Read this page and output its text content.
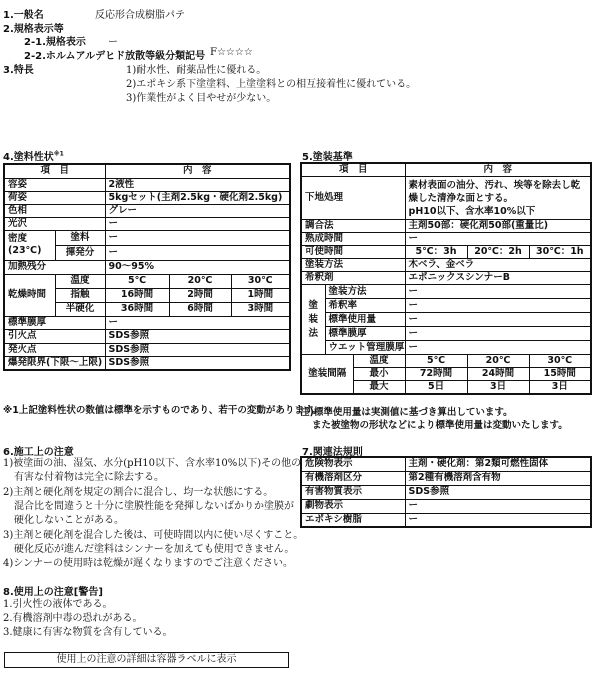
1.一般名	反応形合成樹脂パテ
2.規格表示等
2-1.規格表示 ー
2-2.ホルムアルデヒド放散等級分類記号 F☆☆☆☆
3.特長	1)耐水性、耐薬品性に優れる。
2)エポキシ系下塗塗料、上塗塗料との相互接着性に優れている。
3)作業性がよく目やせが少ない。
4.塗料性状$^{※1}$
項　目		内　容		
容姿		2液性		
荷姿		5kgセット(主剤2.5kg・硬化剤2.5kg)		
色相		グレー		
光沢		ー		

密度
(23℃)	塗料	ー		
	揮発分	ー		
加熱残分		90～95%		
乾燥時間	温度	5℃	20℃	30℃
	指触	16時間	2時間	1時間
	半硬化	36時間	6時間	3時間
標準膜厚		ー		
引火点		SDS参照		
発火点		SDS参照		
爆発限界(下限～上限)		SDS参照		
※1上記塗料性状の数値は標準を示すものであり、若干の変動があります。
5.塗装基準
項　目			内　容		
下地処理			素材表面の油分、汚れ、埃等を除去し乾
燥した清浄な面とする。
pH10以下、含水率10%以下		

調合法			主剤50部：硬化剤50部(重量比)		
熟成時間			ー		
可使時間			5℃：3h	20℃：2h	30℃：1h
塗装方法			木ベラ、金ベラ		
希釈剤			エポニックスシンナーB		

塗
装
法	塗装方法		ー		
	希釈率		ー		
	標準使用量		ー		
	標準膜厚		ー		
	ウエット管理膜厚		ー		
塗装間隔		温度	5℃	20℃	30℃
		最小	72時間	24時間	15時間
		最大	5日	3日	3日
注)標準使用量は実測値に基づき算出しています。
また被塗物の形状などにより標準使用量は変動いたします。
6.施工上の注意
1)被塗面の油、湿気、水分(pH10以下、含水率10%以下)その他の
有害な付着物は完全に除去する。
2)主剤と硬化剤を規定の割合に混合し、均一な状態にする。
混合比を間違うと十分に塗膜性能を発揮しないばかりか塗膜が
硬化しないことがある。
3)主剤と硬化剤を混合した後は、可使時間以内に使い尽くすこと。
硬化反応が進んだ塗料はシンナーを加えても使用できません。
4)シンナーの使用時は乾燥が遅くなりますのでご注意ください。
7.関連法規則
危険物表示	主剤・硬化剤：第2類可燃性固体
有機溶剤区分	第2種有機溶剤含有物
有害物質表示	SDS参照
劇物表示	ー
エポキシ樹脂	ー
8.使用上の注意[警告]
1.引火性の液体である。
2.有機溶剤中毒の恐れがある。
3.健康に有害な物質を含有している。
使用上の注意の詳細は容器ラベルに表示
